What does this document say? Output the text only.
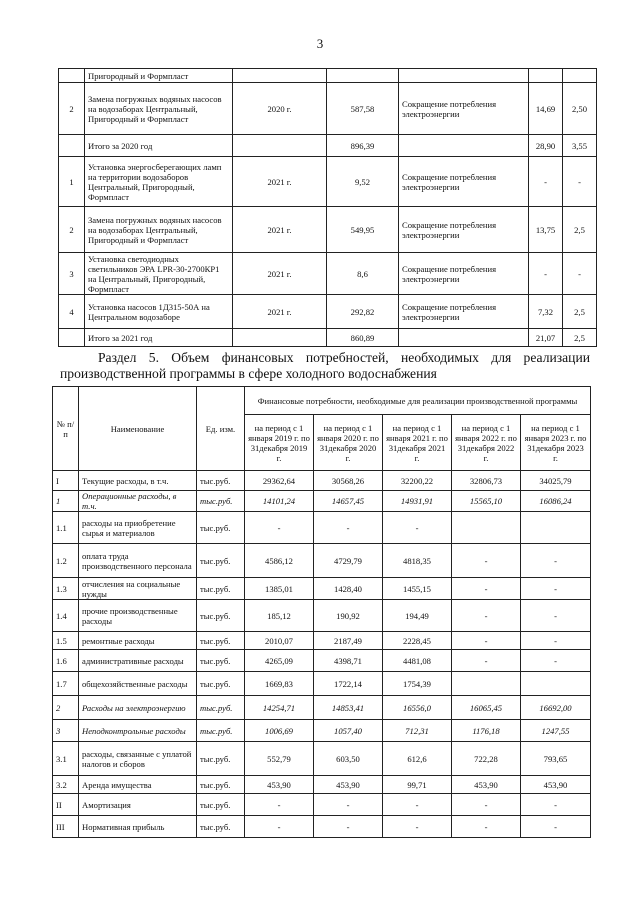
3
	Пригородный и Формпласт					
2	Замена погружных водяных насосов на водозаборах Центральный, Пригородный и Формпласт	2020 г.	587,58	Сокращение потребления электроэнергии	14,69	2,50
	Итого за 2020 год		896,39		28,90	3,55
1	Установка энергосберегающих ламп на территории водозаборов Центральный, Пригородный, Формпласт	2021 г.	9,52	Сокращение потребления электроэнергии	-	-
2	Замена погружных водяных насосов на водозаборах Центральный, Пригородный и Формпласт	2021 г.	549,95	Сокращение потребления электроэнергии	13,75	2,5
3	Установка светодиодных светильников ЭРА LPR-30-2700КР1 на Центральный, Пригородный, Формпласт	2021 г.	8,6	Сокращение потребления электроэнергии	-	-
4	Установка насосов 1Д315-50А на Центральном водозаборе	2021 г.	292,82	Сокращение потребления электроэнергии	7,32	2,5
	Итого за 2021 год		860,89		21,07	2,5
Раздел 5. Объем финансовых потребностей, необходимых для реализации
производственной программы в сфере холодного водоснабжения
№ п/п	Наименование	Ед. изм.	Финансовые потребности, необходимые для реализации производственной программы				
			на период с 1 января 2019 г. по 31декабря 2019 г.	на период с 1 января 2020 г. по 31декабря 2020 г.	на период с 1 января 2021 г. по 31декабря 2021 г.	на период с 1 января 2022 г. по 31декабря 2022 г.	на период с 1 января 2023 г. по 31декабря 2023 г.
I	Текущие расходы, в т.ч.	тыс.руб.	29362,64	30568,26	32200,22	32806,73	34025,79
1	Операционные расходы, в т.ч.	тыс.руб.	14101,24	14657,45	14931,91	15565,10	16086,24
1.1	расходы на приобретение сырья и материалов	тыс.руб.	-	-	-		
1.2	оплата труда производственного персонала	тыс.руб.	4586,12	4729,79	4818,35	-	-
1.3	отчисления на социальные нужды	тыс.руб.	1385,01	1428,40	1455,15	-	-
1.4	прочие производственные расходы	тыс.руб.	185,12	190,92	194,49	-	-
1.5	ремонтные расходы	тыс.руб.	2010,07	2187,49	2228,45	-	-
1.6	административные расходы	тыс.руб.	4265,09	4398,71	4481,08	-	-
1.7	общехозяйственные расходы	тыс.руб.	1669,83	1722,14	1754,39		
2	Расходы на электроэнергию	тыс.руб.	14254,71	14853,41	16556,0	16065,45	16692,00
3	Неподконтрольные расходы	тыс.руб.	1006,69	1057,40	712,31	1176,18	1247,55
3.1	расходы, связанные с уплатой налогов и сборов	тыс.руб.	552,79	603,50	612,6	722,28	793,65
3.2	Аренда имущества	тыс.руб.	453,90	453,90	99,71	453,90	453,90
II	Амортизация	тыс.руб.	-	-	-	-	-
III	Нормативная прибыль	тыс.руб.	-	-	-	-	-
